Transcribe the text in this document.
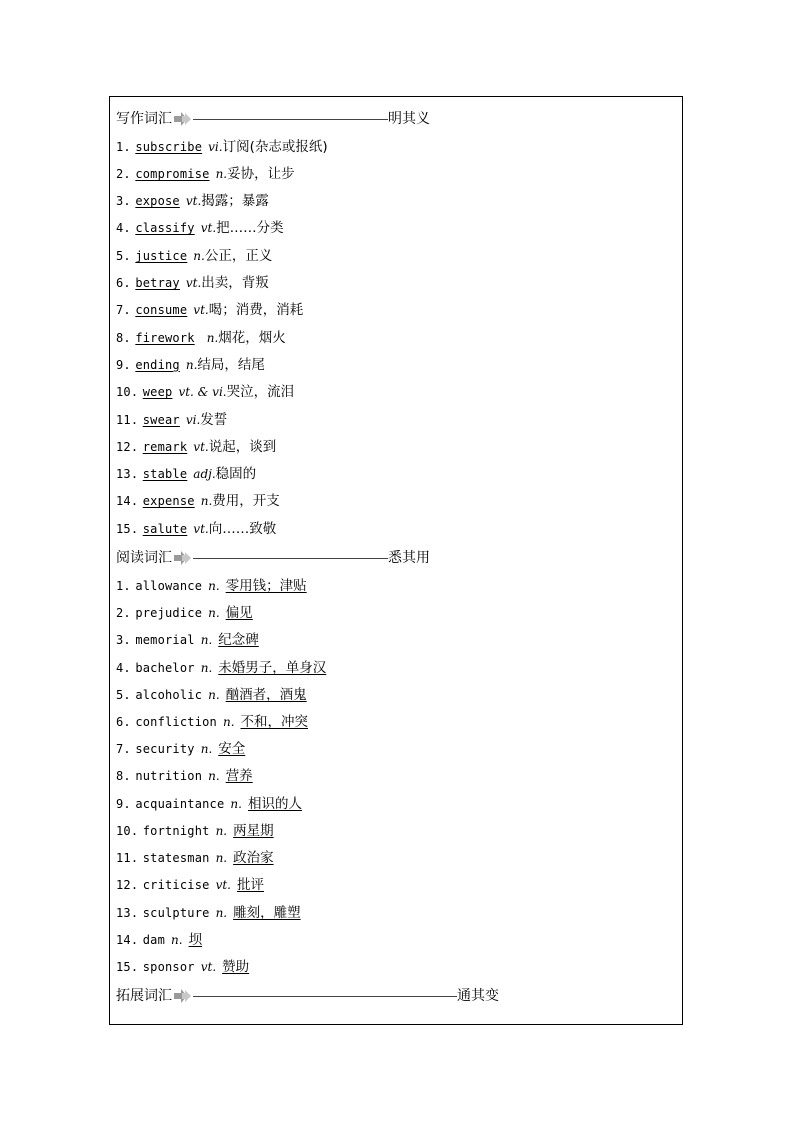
写作词汇	明其义
1. subscribe vi.订阅(杂志或报纸)
2. compromise n.妥协，让步
3. expose vt.揭露；暴露
4. classify vt.把……分类
5. justice n.公正，正义
6. betray vt.出卖，背叛
7. consume vt.喝；消费，消耗
8. firework n.烟花，烟火
9. ending n.结局，结尾
10. weep vt. & vi.哭泣，流泪
11. swear vi.发誓
12. remark vt.说起，谈到
13. stable adj.稳固的
14. expense n.费用，开支
15. salute vt.向……致敬
阅读词汇	悉其用
1. allowance n. 零用钱；津贴
2. prejudice n. 偏见
3. memorial n. 纪念碑
4. bachelor n. 未婚男子，单身汉
5. alcoholic n. 酗酒者，酒鬼
6. confliction n. 不和，冲突
7. security n. 安全
8. nutrition n. 营养
9. acquaintance n. 相识的人
10. fortnight n. 两星期
11. statesman n. 政治家
12. criticise vt. 批评
13. sculpture n. 雕刻，雕塑
14. dam n. 坝
15. sponsor vt. 赞助
拓展词汇	通其变
